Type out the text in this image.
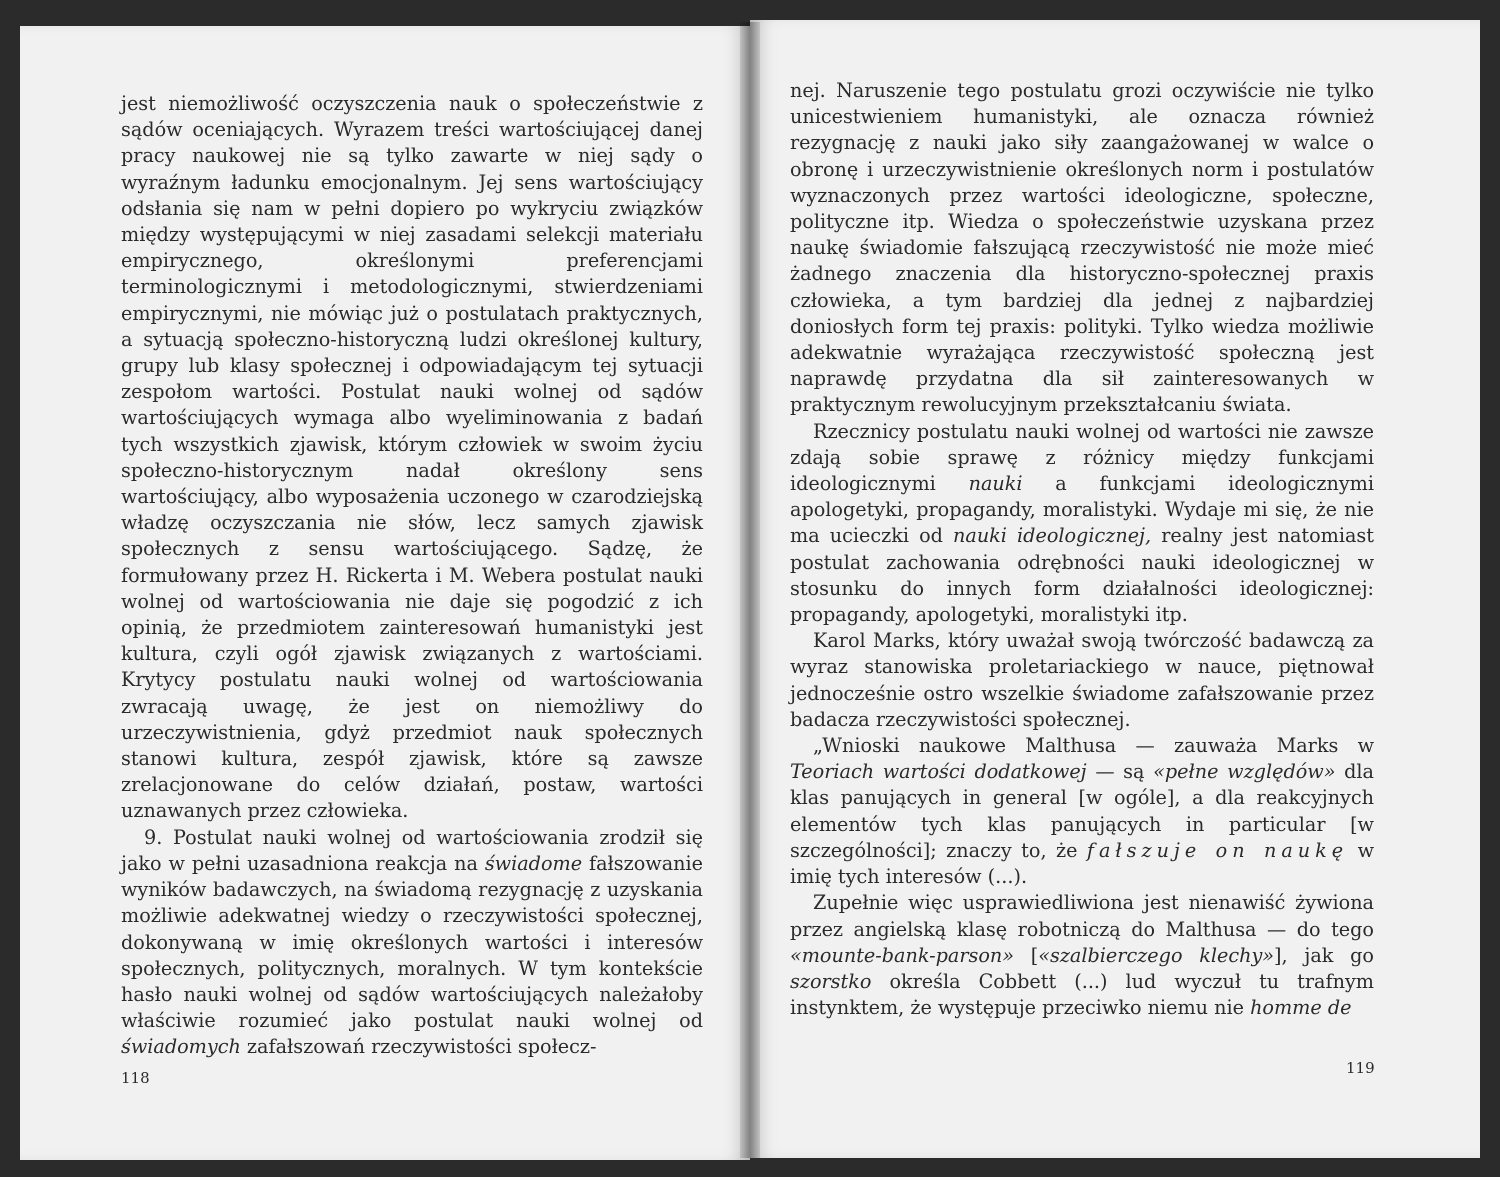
jest niemożliwość oczyszczenia nauk o społeczeństwie z sądów oceniających. Wyrazem treści wartościującej danej pracy naukowej nie są tylko zawarte w niej sądy o wyraźnym ładunku emocjonalnym. Jej sens wartościujący odsłania się nam w pełni dopiero po wykryciu związków między występującymi w niej zasadami selekcji materiału empirycznego, określonymi preferencjami terminologicznymi i metodologicznymi, stwierdzeniami empirycznymi, nie mówiąc już o postulatach praktycznych, a sytuacją społeczno-historyczną ludzi określonej kultury, grupy lub klasy społecznej i odpowiadającym tej sytuacji zespołom wartości. Postulat nauki wolnej od sądów wartościujących wymaga albo wyeliminowania z badań tych wszystkich zjawisk, którym człowiek w swoim życiu społeczno-historycznym nadał określony sens wartościujący, albo wyposażenia uczonego w czarodziejską władzę oczyszczania nie słów, lecz samych zjawisk społecznych z sensu wartościującego. Sądzę, że formułowany przez H. Rickerta i M. Webera postulat nauki wolnej od wartościowania nie daje się pogodzić z ich opinią, że przedmiotem zainteresowań humanistyki jest kultura, czyli ogół zjawisk związanych z wartościami. Krytycy postulatu nauki wolnej od wartościowania zwracają uwagę, że jest on niemożliwy do urzeczywistnienia, gdyż przedmiot nauk społecznych stanowi kultura, zespół zjawisk, które są zawsze zrelacjonowane do celów działań, postaw, wartości uznawanych przez człowieka.

9. Postulat nauki wolnej od wartościowania zrodził się jako w pełni uzasadniona reakcja na świadome fałszowanie wyników badawczych, na świadomą rezygnację z uzyskania możliwie adekwatnej wiedzy o rzeczywistości społecznej, dokonywaną w imię określonych wartości i interesów społecznych, politycznych, moralnych. W tym kontekście hasło nauki wolnej od sądów wartościujących należałoby właściwie rozumieć jako postulat nauki wolnej od świadomych zafałszowań rzeczywistości społecz-

118

nej. Naruszenie tego postulatu grozi oczywiście nie tylko unicestwieniem humanistyki, ale oznacza również rezygnację z nauki jako siły zaangażowanej w walce o obronę i urzeczywistnienie określonych norm i postulatów wyznaczonych przez wartości ideologiczne, społeczne, polityczne itp. Wiedza o społeczeństwie uzyskana przez naukę świadomie fałszującą rzeczywistość nie może mieć żadnego znaczenia dla historyczno-społecznej praxis człowieka, a tym bardziej dla jednej z najbardziej doniosłych form tej praxis: polityki. Tylko wiedza możliwie adekwatnie wyrażająca rzeczywistość społeczną jest naprawdę przydatna dla sił zainteresowanych w praktycznym rewolucyjnym przekształcaniu świata.

Rzecznicy postulatu nauki wolnej od wartości nie zawsze zdają sobie sprawę z różnicy między funkcjami ideologicznymi nauki a funkcjami ideologicznymi apologetyki, propagandy, moralistyki. Wydaje mi się, że nie ma ucieczki od nauki ideologicznej, realny jest natomiast postulat zachowania odrębności nauki ideologicznej w stosunku do innych form działalności ideologicznej: propagandy, apologetyki, moralistyki itp.

Karol Marks, który uważał swoją twórczość badawczą za wyraz stanowiska proletariackiego w nauce, piętnował jednocześnie ostro wszelkie świadome zafałszowanie przez badacza rzeczywistości społecznej.

„Wnioski naukowe Malthusa — zauważa Marks w Teoriach wartości dodatkowej — są «pełne względów» dla klas panujących in general [w ogóle], a dla reakcyjnych elementów tych klas panujących in particular [w szczególności]; znaczy to, że fałszuje on naukę w imię tych interesów (...).

Zupełnie więc usprawiedliwiona jest nienawiść żywiona przez angielską klasę robotniczą do Malthusa — do tego «mounte-bank-parson» [«szalbierczego klechy»], jak go szorstko określa Cobbett (...) lud wyczuł tu trafnym instynktem, że występuje przeciwko niemu nie homme de

119
